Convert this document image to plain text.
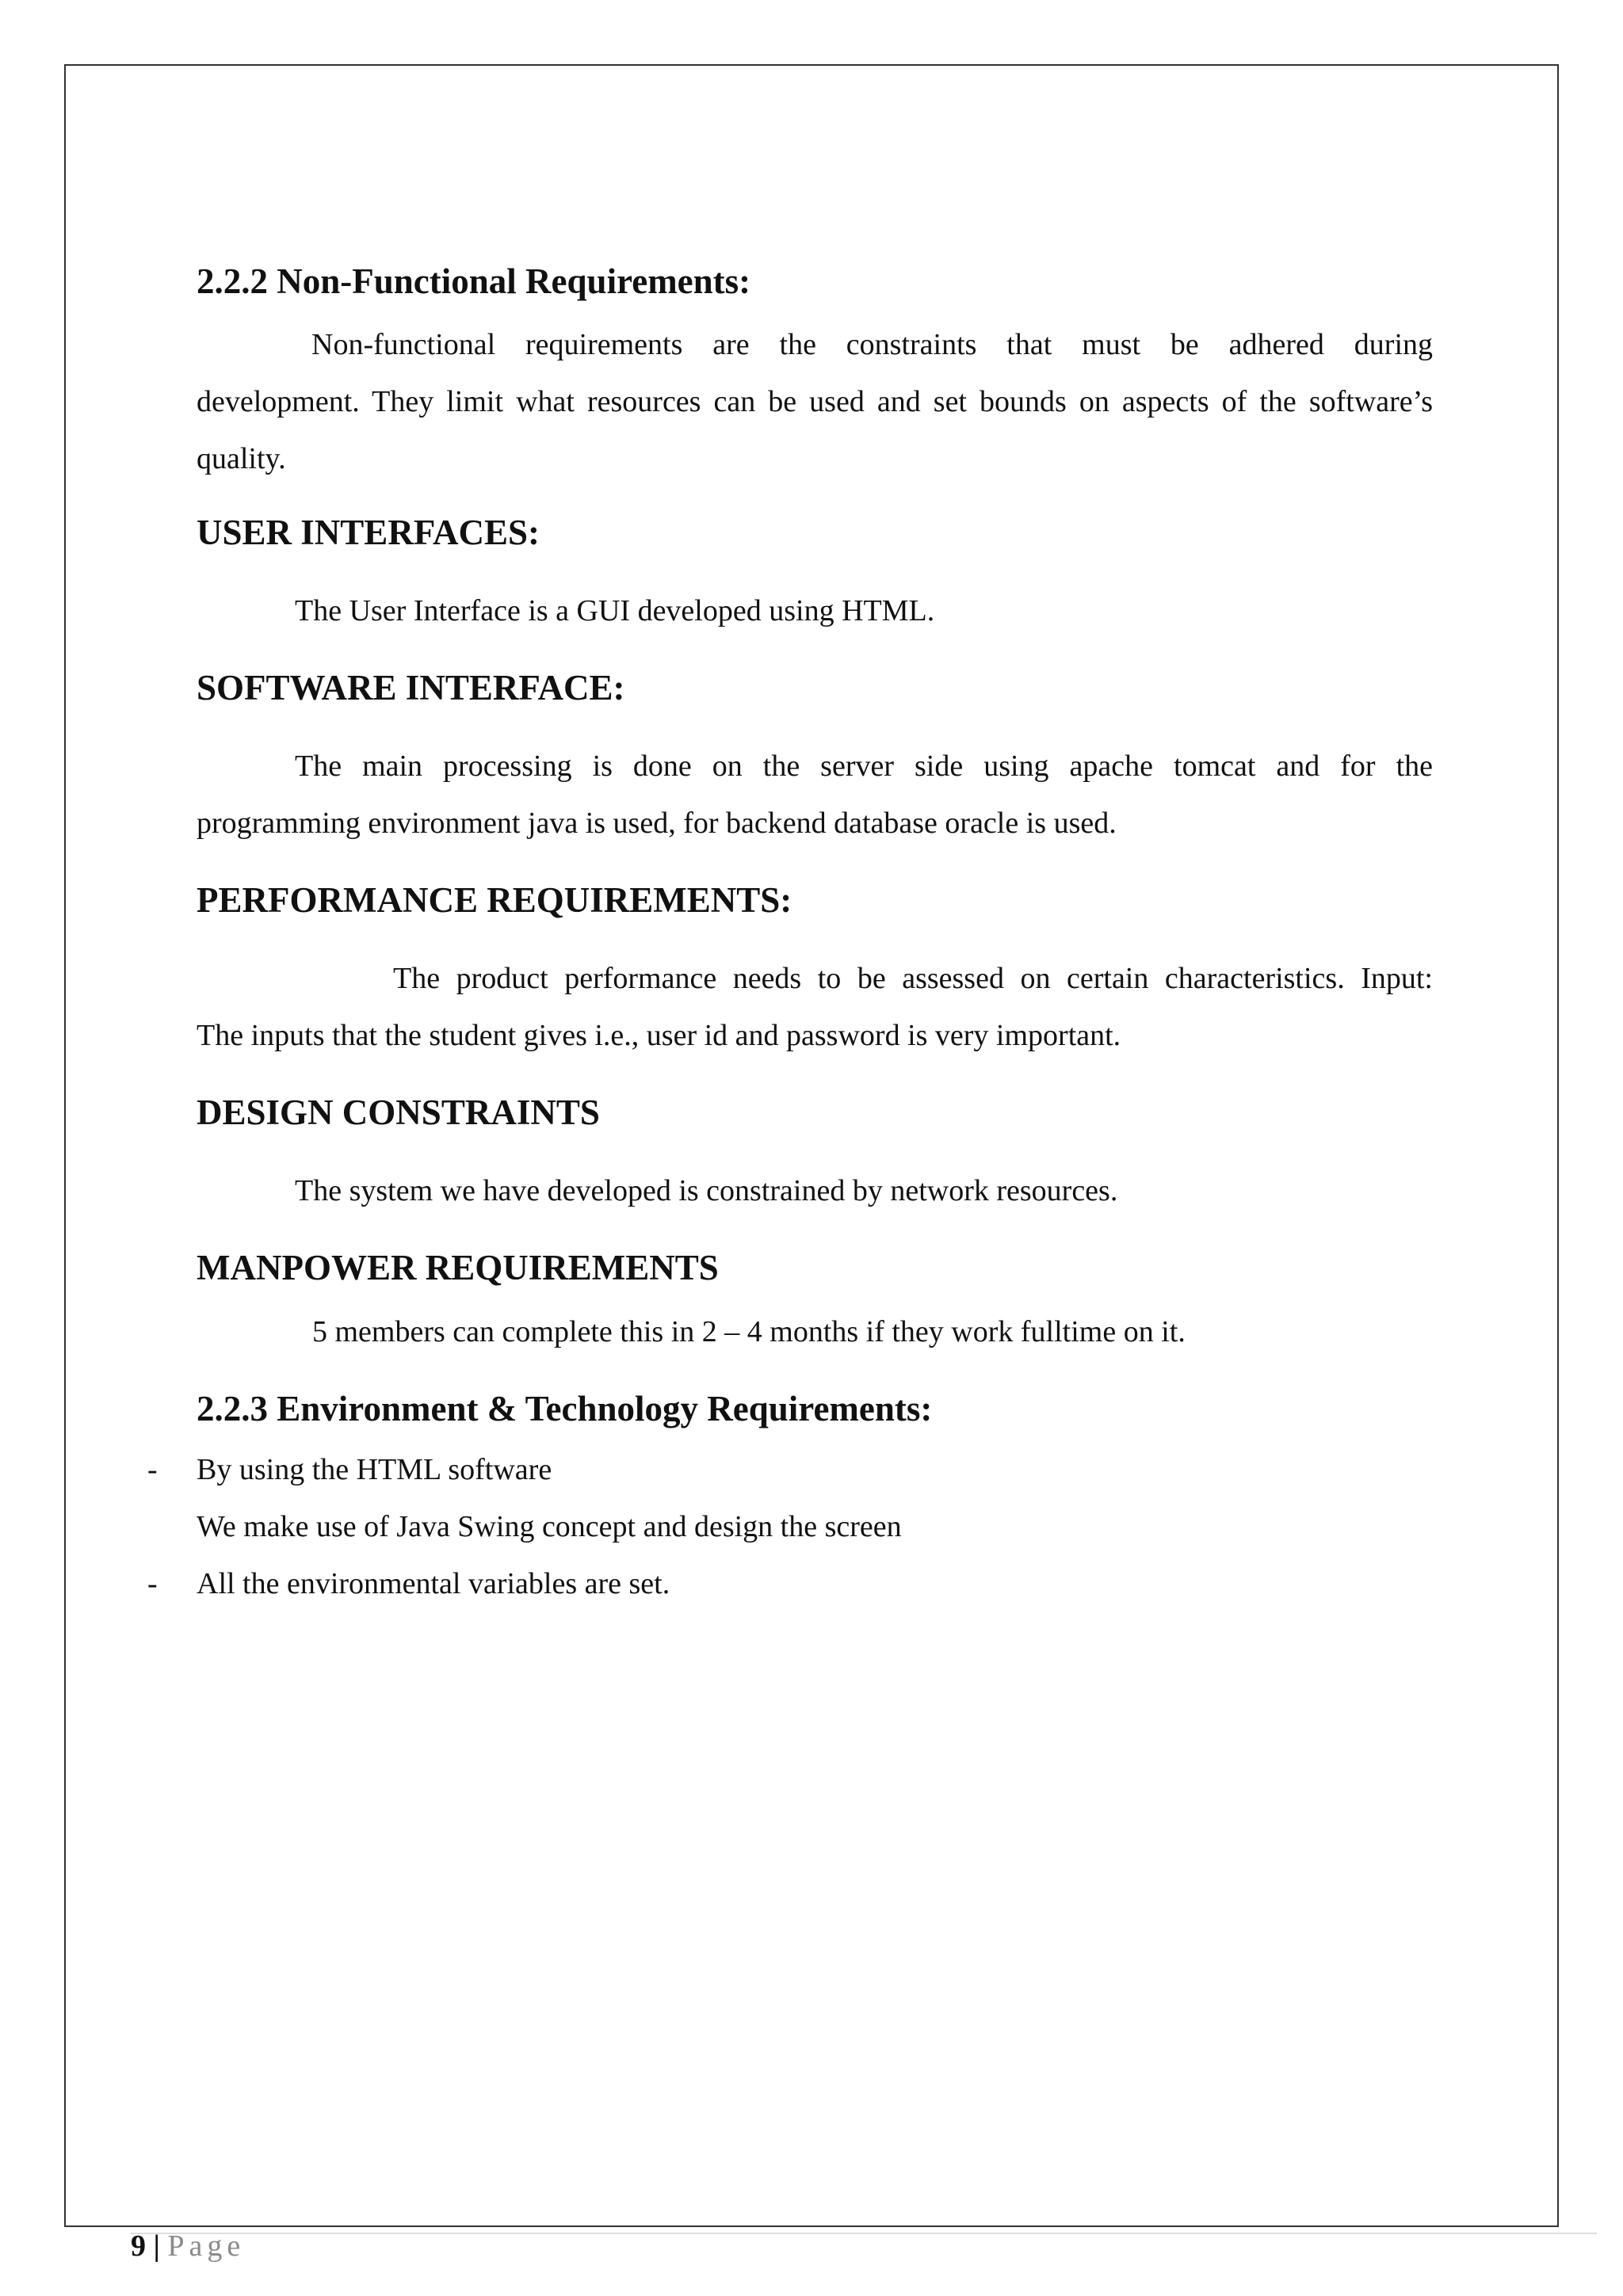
2.2.2 Non-Functional Requirements:

Non-functional requirements are the constraints that must be adhered during

development. They limit what resources can be used and set bounds on aspects of the software’s

quality.

USER INTERFACES:

The User Interface is a GUI developed using HTML.

SOFTWARE INTERFACE:

The main processing is done on the server side using apache tomcat and for the

programming environment java is used, for backend database oracle is used.

PERFORMANCE REQUIREMENTS:

The product performance needs to be assessed on certain characteristics. Input:

The inputs that the student gives i.e., user id and password is very important.

DESIGN CONSTRAINTS

The system we have developed is constrained by network resources.

MANPOWER REQUIREMENTS

5 members can complete this in 2 – 4 months if they work fulltime on it.

2.2.3 Environment & Technology Requirements:

By using the HTML software

We make use of Java Swing concept and design the screen

All the environmental variables are set.

-
-
9 | Page
